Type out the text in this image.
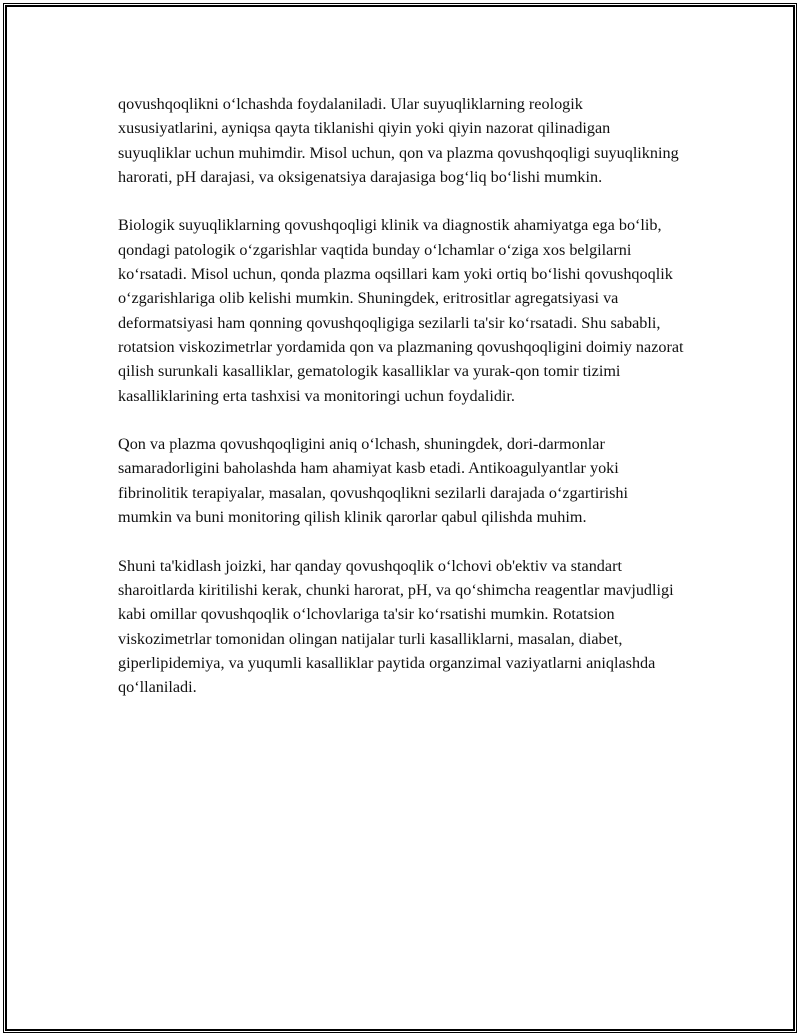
qovushqoqlikni o‘lchashda foydalaniladi. Ular suyuqliklarning reologik xususiyatlarini, ayniqsa qayta tiklanishi qiyin yoki qiyin nazorat qilinadigan suyuqliklar uchun muhimdir. Misol uchun, qon va plazma qovushqoqligi suyuqlikning harorati, pH darajasi, va oksigenatsiya darajasiga bog‘liq bo‘lishi mumkin.

Biologik suyuqliklarning qovushqoqligi klinik va diagnostik ahamiyatga ega bo‘lib, qondagi patologik o‘zgarishlar vaqtida bunday o‘lchamlar o‘ziga xos belgilarni ko‘rsatadi. Misol uchun, qonda plazma oqsillari kam yoki ortiq bo‘lishi qovushqoqlik o‘zgarishlariga olib kelishi mumkin. Shuningdek, eritrositlar agregatsiyasi va deformatsiyasi ham qonning qovushqoqligiga sezilarli ta'sir ko‘rsatadi. Shu sababli, rotatsion viskozimetrlar yordamida qon va plazmaning qovushqoqligini doimiy nazorat qilish surunkali kasalliklar, gematologik kasalliklar va yurak-qon tomir tizimi kasalliklarining erta tashxisi va monitoringi uchun foydalidir.

Qon va plazma qovushqoqligini aniq o‘lchash, shuningdek, dori-darmonlar samaradorligini baholashda ham ahamiyat kasb etadi. Antikoagulyantlar yoki fibrinolitik terapiyalar, masalan, qovushqoqlikni sezilarli darajada o‘zgartirishi mumkin va buni monitoring qilish klinik qarorlar qabul qilishda muhim.

Shuni ta'kidlash joizki, har qanday qovushqoqlik o‘lchovi ob'ektiv va standart sharoitlarda kiritilishi kerak, chunki harorat, pH, va qo‘shimcha reagentlar mavjudligi kabi omillar qovushqoqlik o‘lchovlariga ta'sir ko‘rsatishi mumkin. Rotatsion viskozimetrlar tomonidan olingan natijalar turli kasalliklarni, masalan, diabet, giperlipidemiya, va yuqumli kasalliklar paytida organzimal vaziyatlarni aniqlashda qo‘llaniladi.
